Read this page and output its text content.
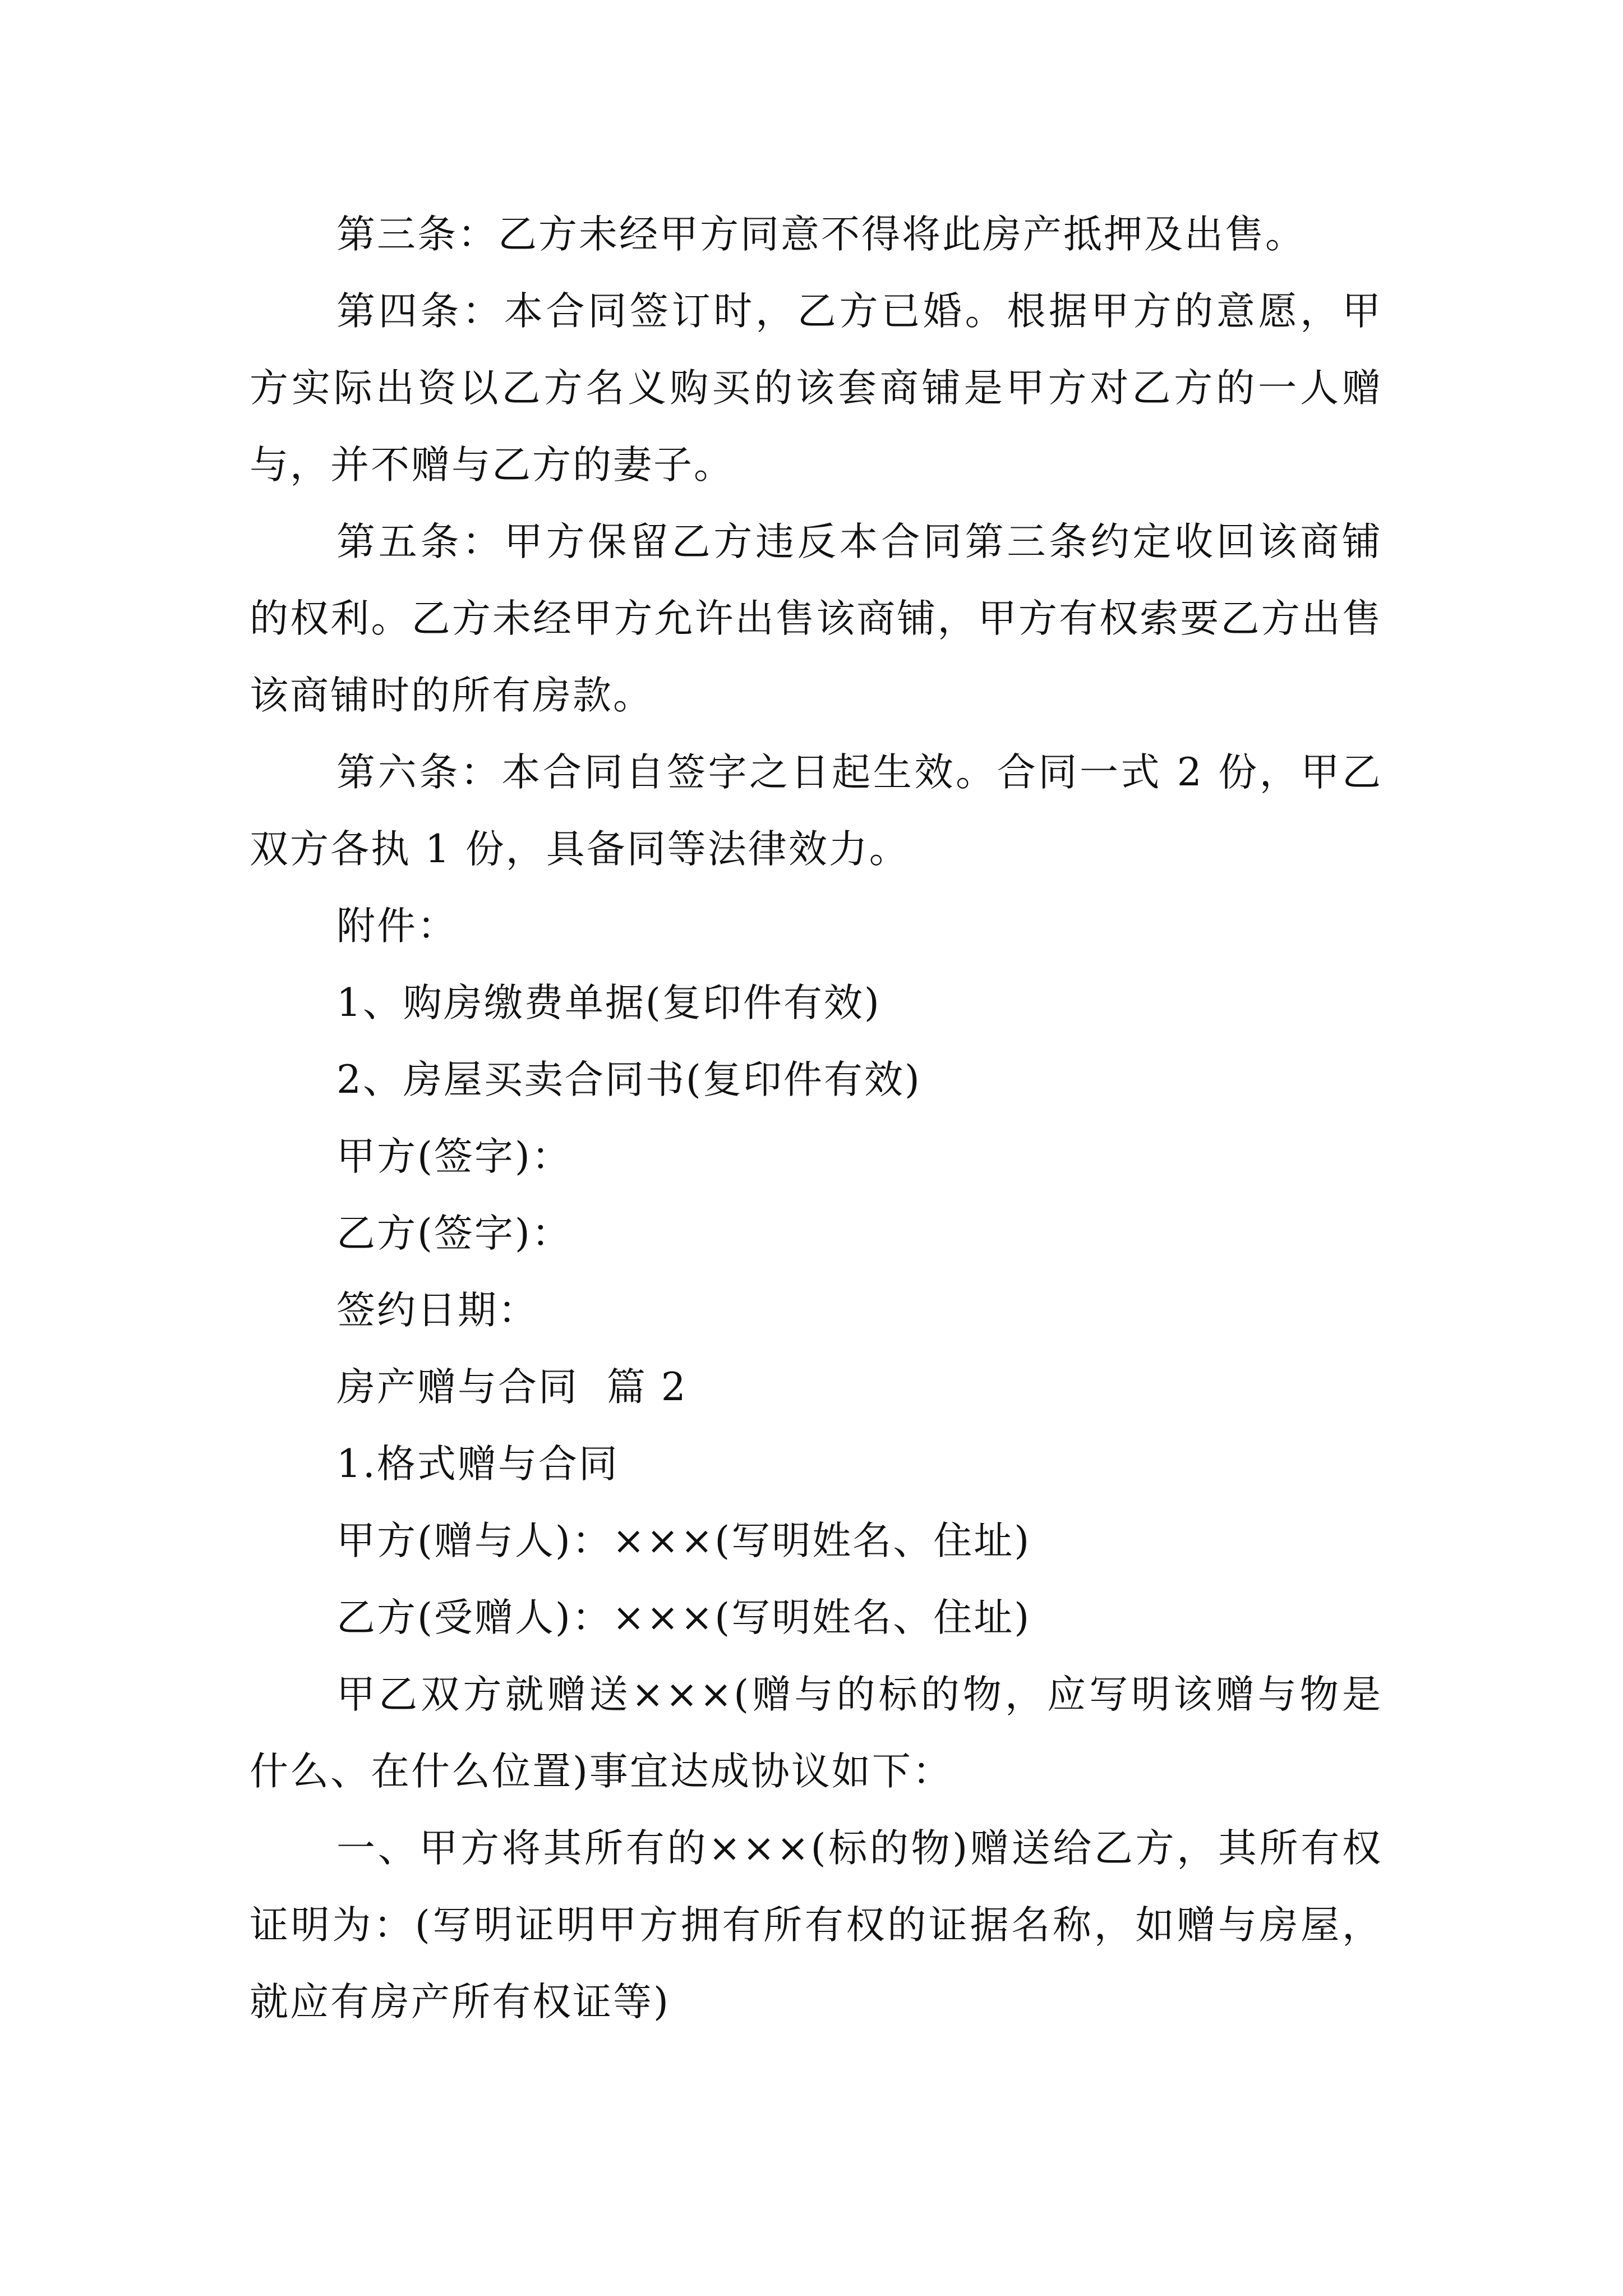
第三条：乙方未经甲方同意不得将此房产抵押及出售。

第四条：本合同签订时，乙方已婚。根据甲方的意愿，甲方实际出资以乙方名义购买的该套商铺是甲方对乙方的一人赠与，并不赠与乙方的妻子。

第五条：甲方保留乙方违反本合同第三条约定收回该商铺的权利。乙方未经甲方允许出售该商铺，甲方有权索要乙方出售该商铺时的所有房款。

第六条：本合同自签字之日起生效。合同一式 2 份，甲乙双方各执 1 份，具备同等法律效力。

附件：

1、购房缴费单据(复印件有效)

2、房屋买卖合同书(复印件有效)

甲方(签字)：

乙方(签字)：

签约日期：

房产赠与合同  篇 2

1.格式赠与合同

甲方(赠与人)：×××(写明姓名、住址)

乙方(受赠人)：×××(写明姓名、住址)

甲乙双方就赠送×××(赠与的标的物，应写明该赠与物是什么、在什么位置)事宜达成协议如下：

一、甲方将其所有的×××(标的物)赠送给乙方，其所有权证明为：(写明证明甲方拥有所有权的证据名称，如赠与房屋，就应有房产所有权证等)
